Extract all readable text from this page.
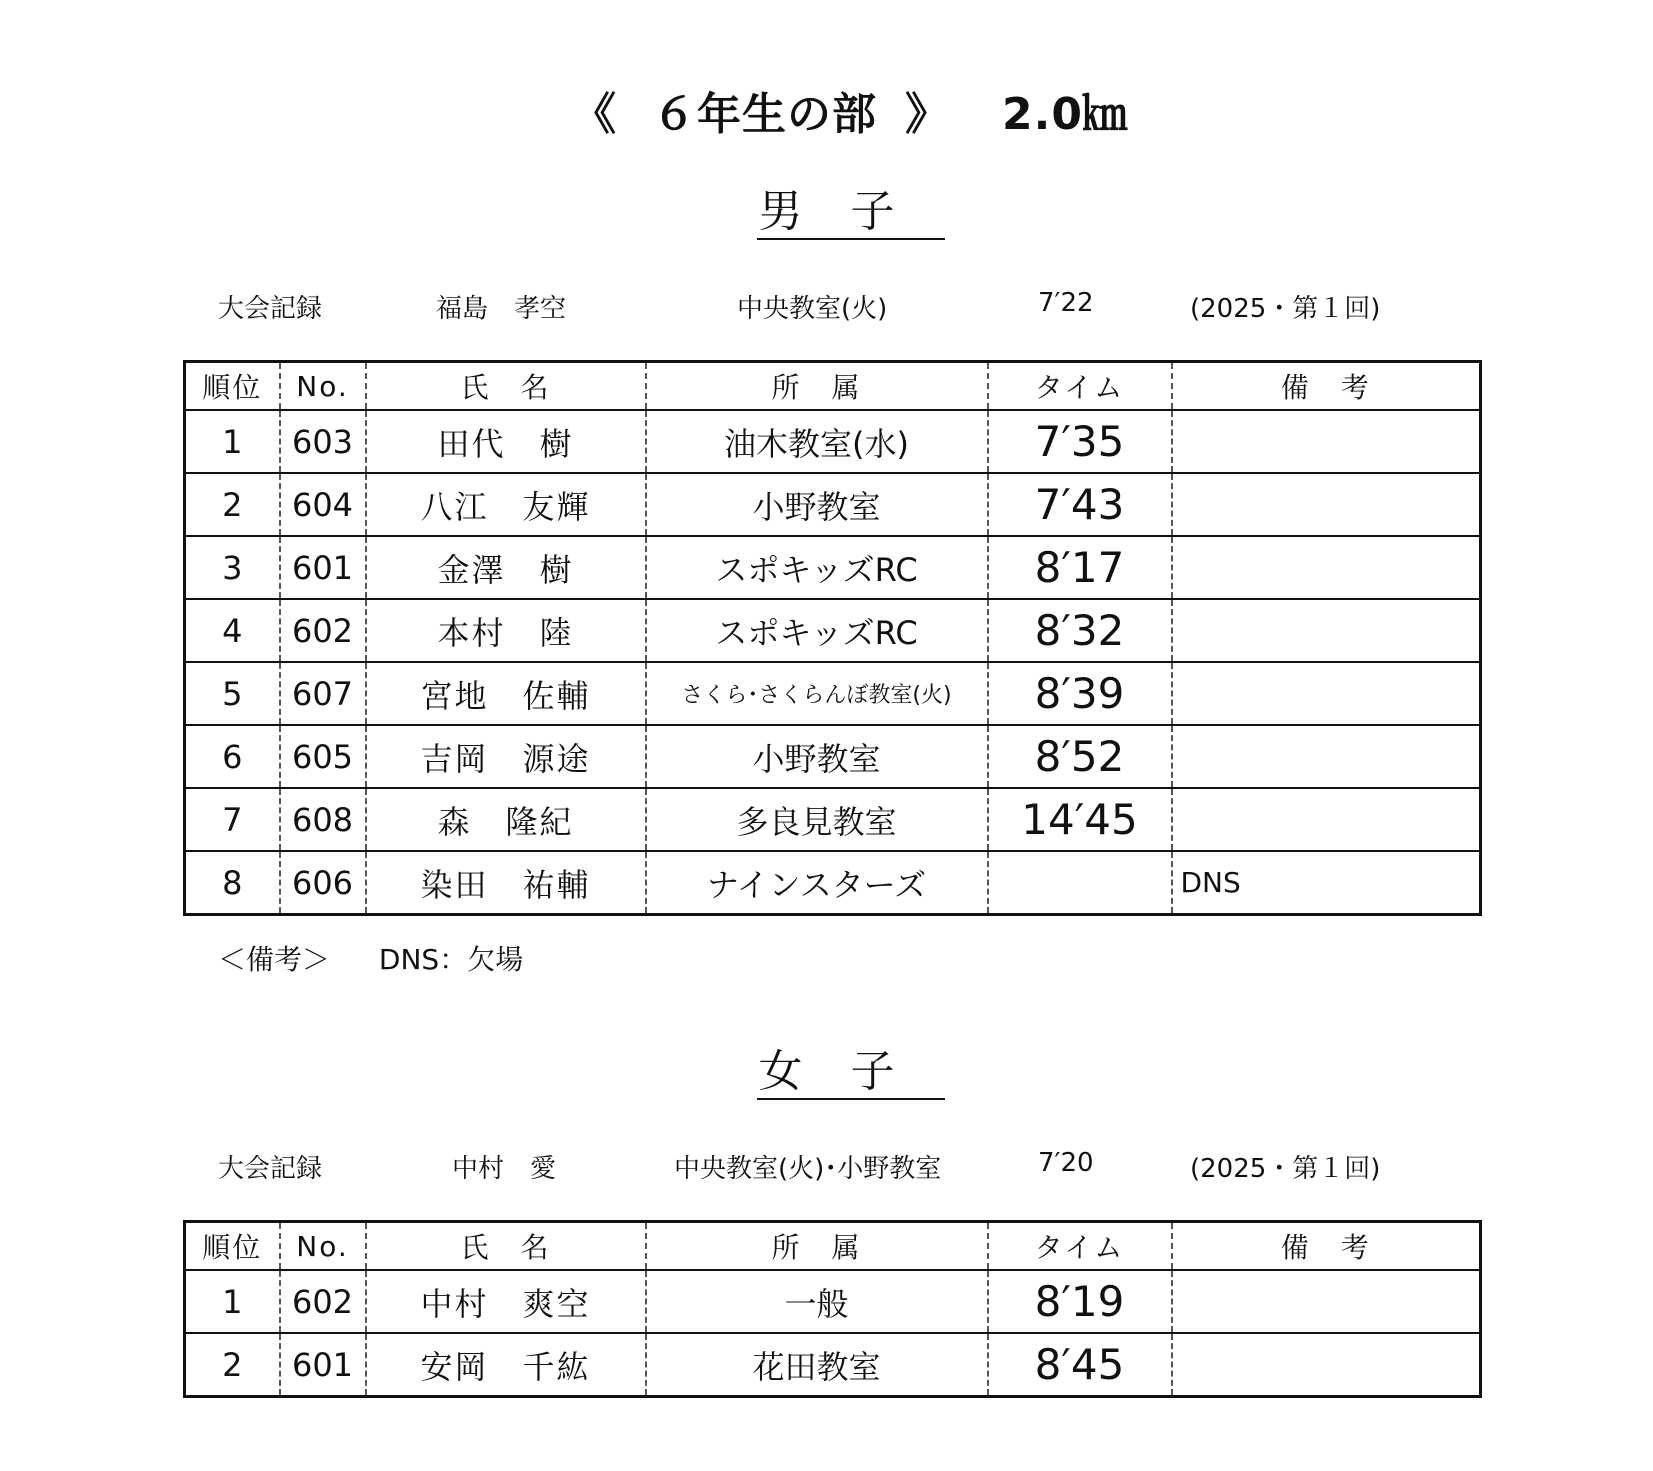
《 ６年生の部 》 2.0㎞
男子
大会記録	福島　孝空	中央教室(火)	7′22	(2025・第１回)
順位	No.	氏　名	所　属	タイム	備　考
1	603	田代　樹	油木教室(水)	7′35	
2	604	八江　友輝	小野教室	7′43	
3	601	金澤　樹	スポキッズRC	8′17	
4	602	本村　陸	スポキッズRC	8′32	
5	607	宮地　佐輔	さくら･さくらんぼ教室(火)	8′39	
6	605	吉岡　源途	小野教室	8′52	
7	608	森　隆紀	多良見教室	14′45	
8	606	染田　祐輔	ナインスターズ		DNS
＜備考＞ DNS：欠場
女子
大会記録	中村　愛	中央教室(火)･小野教室	7′20	(2025・第１回)
順位	No.	氏　名	所　属	タイム	備　考
1	602	中村　爽空	一般	8′19	
2	601	安岡　千紘	花田教室	8′45	
